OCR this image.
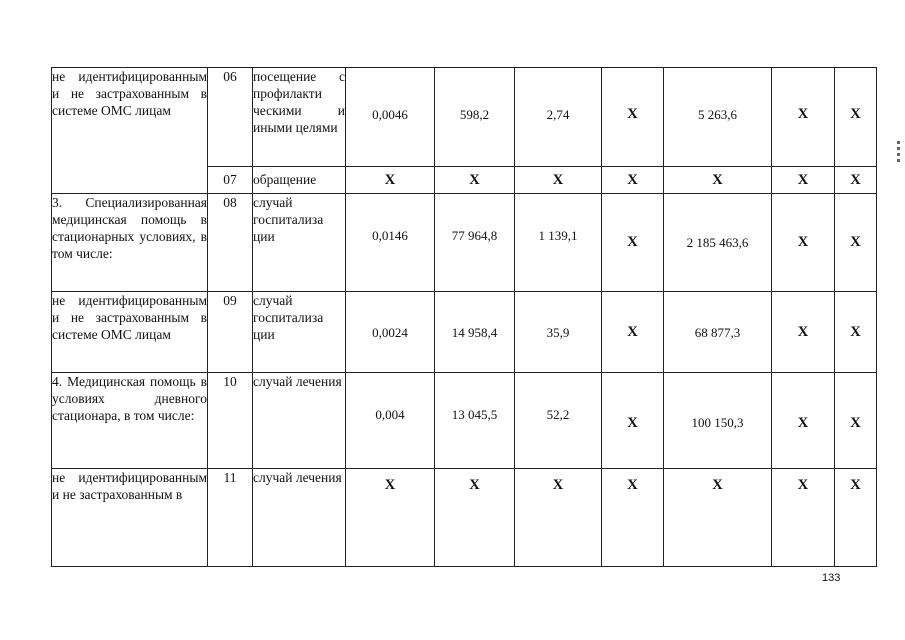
не идентифицированным и не застрахованным в системе ОМС лицам	06	посещение с профилакти ческими и иными целями	0,0046	598,2	2,74	Х	5 263,6	Х	Х
	07	обращение	Х	Х	Х	Х	Х	Х	Х
3. Специализированная медицинская помощь в стационарных условиях, в том числе:	08	случай госпитализа ции	0,0146	77 964,8	1 139,1	Х	2 185 463,6	Х	Х
не идентифицированным и не застрахованным в системе ОМС лицам	09	случай госпитализа ции	0,0024	14 958,4	35,9	Х	68 877,3	Х	Х
4. Медицинская помощь в условиях дневного стационара, в том числе:	10	случай лечения	0,004	13 045,5	52,2	Х	100 150,3	Х	Х
не идентифицированным и не застрахованным в	11	случай лечения	Х	Х	Х	Х	Х	Х	Х
133
